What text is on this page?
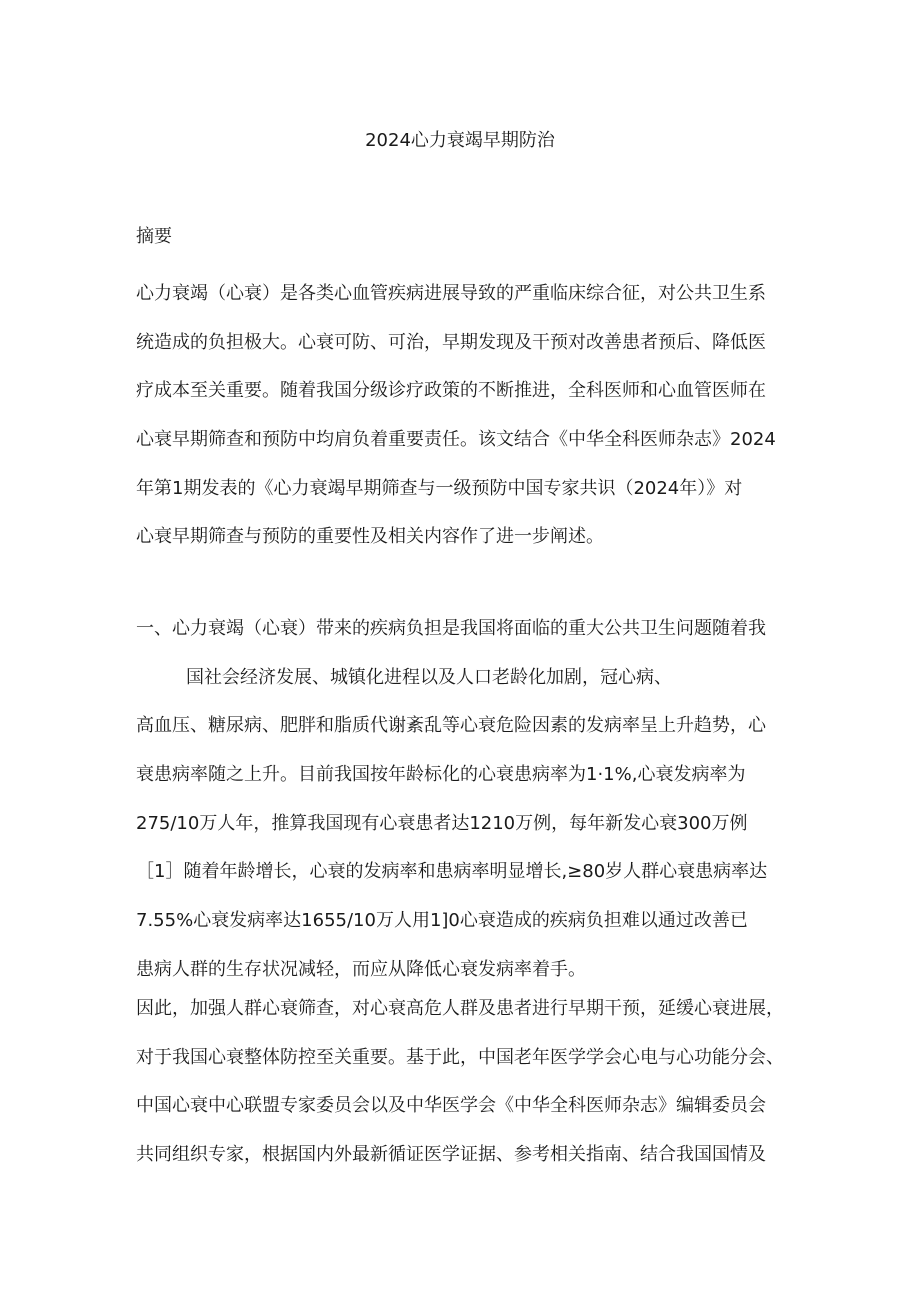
2024心力衰竭早期防治
摘要
心力衰竭（心衰）是各类心血管疾病进展导致的严重临床综合征，对公共卫生系
统造成的负担极大。心衰可防、可治，早期发现及干预对改善患者预后、降低医
疗成本至关重要。随着我国分级诊疗政策的不断推进，全科医师和心血管医师在
心衰早期筛查和预防中均肩负着重要责任。该文结合《中华全科医师杂志》2024
年第1期发表的《心力衰竭早期筛查与一级预防中国专家共识（2024年）》对
心衰早期筛查与预防的重要性及相关内容作了进一步阐述。
一、心力衰竭（心衰）带来的疾病负担是我国将面临的重大公共卫生问题随着我
国社会经济发展、城镇化进程以及人口老龄化加剧，冠心病、
高血压、糖尿病、肥胖和脂质代谢紊乱等心衰危险因素的发病率呈上升趋势，心
衰患病率随之上升。目前我国按年龄标化的心衰患病率为1·1%,心衰发病率为
275/10万人年，推算我国现有心衰患者达1210万例，每年新发心衰300万例
［1］随着年龄增长，心衰的发病率和患病率明显增长,≥80岁人群心衰患病率达
7.55%心衰发病率达1655/10万人用1]0心衰造成的疾病负担难以通过改善已
患病人群的生存状况减轻，而应从降低心衰发病率着手。
因此，加强人群心衰筛查，对心衰高危人群及患者进行早期干预，延缓心衰进展，
对于我国心衰整体防控至关重要。基于此，中国老年医学学会心电与心功能分会、
中国心衰中心联盟专家委员会以及中华医学会《中华全科医师杂志》编辑委员会
共同组织专家，根据国内外最新循证医学证据、参考相关指南、结合我国国情及
